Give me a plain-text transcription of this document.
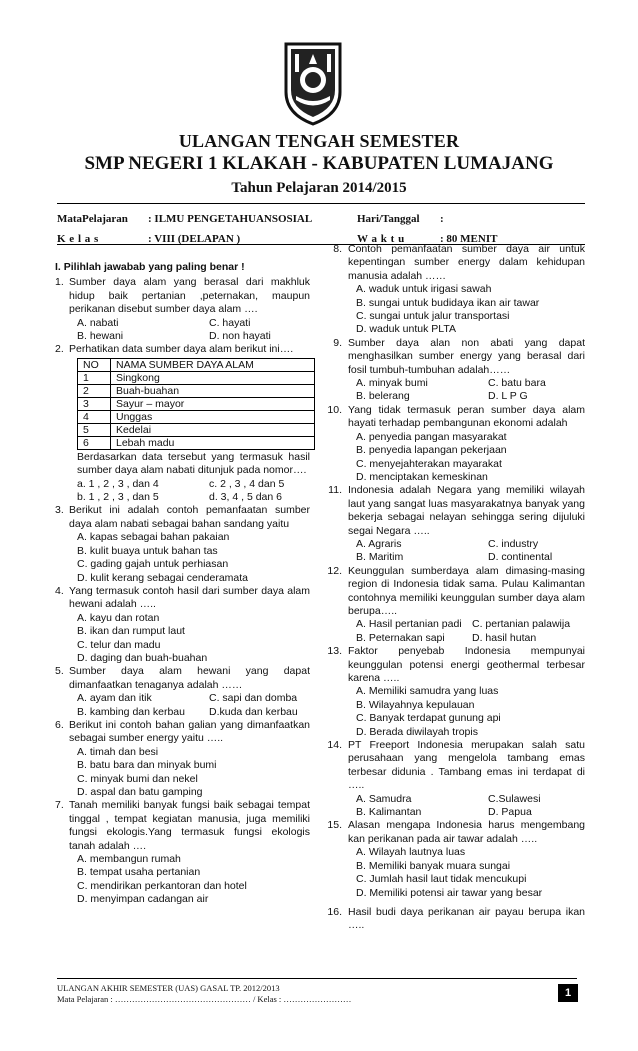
ULANGAN TENGAH SEMESTER
SMP NEGERI 1 KLAKAH - KABUPATEN LUMAJANG
Tahun Pelajaran 2014/2015
MataPelajaran : ILMU PENGETAHUANSOSIAL	Hari/Tanggal :
K e l a s	: VIII (DELAPAN )	W a k t u	: 80 MENIT
I. Pilihlah jawabab yang paling benar !
1. Sumber daya alam yang berasal dari makhluk hidup baik pertanian ,peternakan, maupun perikanan disebut sumber daya alam ….
A. nabati	C. hayati
B. hewani	D. non hayati
2. Perhatikan data sumber daya alam berikut ini….
NO	NAMA SUMBER DAYA ALAM
1	Singkong
2	Buah-buahan
3	Sayur – mayor
4	Unggas
5	Kedelai
6	Lebah madu
Berdasarkan data tersebut yang termasuk hasil sumber daya alam nabati ditunjuk pada nomor….
a. 1 , 2 , 3 , dan 4	c. 2 , 3 , 4 dan 5
b. 1 , 2 , 3 , dan 5	d. 3, 4 , 5 dan 6
3. Berikut ini adalah contoh pemanfaatan sumber daya alam nabati sebagai bahan sandang yaitu
A. kapas sebagai bahan pakaian
B. kulit buaya untuk bahan tas
C. gading gajah untuk perhiasan
D. kulit kerang sebagai cenderamata
4. Yang termasuk contoh hasil dari sumber daya alam hewani adalah …..
A. kayu dan rotan
B. ikan dan rumput laut
C. telur dan madu
D. daging dan buah-buahan
5. Sumber daya alam hewani yang dapat dimanfaatkan tenaganya adalah ……
A. ayam dan itik	C. sapi dan domba
B. kambing dan kerbau	D.kuda dan kerbau
6. Berikut ini contoh bahan galian yang dimanfaatkan sebagai sumber energy yaitu …..
A. timah dan besi
B. batu bara dan minyak bumi
C. minyak bumi dan nekel
D. aspal dan batu gamping
7. Tanah memiliki banyak fungsi baik sebagai tempat tinggal , tempat kegiatan manusia, juga memiliki fungsi ekologis.Yang termasuk fungsi ekologis tanah adalah ….
A. membangun rumah
B. tempat usaha pertanian
C. mendirikan perkantoran dan hotel
D. menyimpan cadangan air
8. Contoh pemanfaatan sumber daya air untuk kepentingan sumber energy dalam kehidupan manusia adalah ……
A. waduk untuk irigasi sawah
B. sungai untuk budidaya ikan air tawar
C. sungai untuk jalur transportasi
D. waduk untuk PLTA
9. Sumber daya alan non abati yang dapat menghasilkan sumber energy yang berasal dari fosil tumbuh-tumbuhan adalah……
A. minyak bumi	C. batu bara
B. belerang	D. L P G
10. Yang tidak termasuk peran sumber daya alam hayati terhadap pembangunan ekonomi adalah
A. penyedia pangan masyarakat
B. penyedia lapangan pekerjaan
C. menyejahterakan mayarakat
D. menciptakan kemeskinan
11. Indonesia adalah Negara yang memiliki wilayah laut yang sangat luas masyarakatnya banyak yang bekerja sebagai nelayan sehingga sering dijuluki segai Negara …..
A. Agraris	C. industry
B. Maritim	D. continental
12. Keunggulan sumberdaya alam dimasing-masing region di Indonesia tidak sama. Pulau Kalimantan contohnya memiliki keunggulan sumber daya alam berupa…..
A. Hasil pertanian padi C. pertanian palawija
B. Peternakan sapi	D. hasil hutan
13. Faktor penyebab Indonesia mempunyai keunggulan potensi energi geothermal terbesar karena …..
A. Memiliki samudra yang luas
B. Wilayahnya kepulauan
C. Banyak terdapat gunung api
D. Berada diwilayah tropis
14. PT Freeport Indonesia merupakan salah satu perusahaan yang mengelola tambang emas terbesar didunia . Tambang emas ini terdapat di …..
A. Samudra	C.Sulawesi
B. Kalimantan	D. Papua
15. Alasan mengapa Indonesia harus mengembang kan perikanan pada air tawar adalah …..
A. Wilayah lautnya luas
B. Memiliki banyak muara sungai
C. Jumlah hasil laut tidak mencukupi
D. Memiliki potensi air tawar yang besar
16. Hasil budi daya perikanan air payau berupa ikan …..
ULANGAN AKHIR SEMESTER (UAS) GASAL TP. 2012/2013
Mata Pelajaran : ………………………………………… / Kelas : ……………………	1
